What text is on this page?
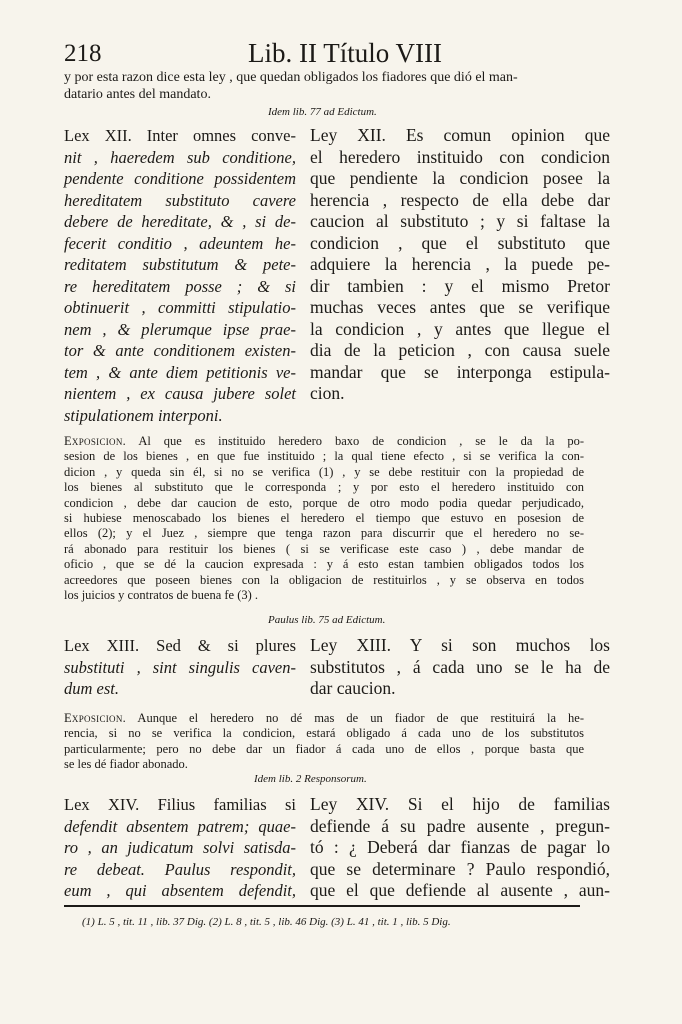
218	Lib. II Título VIII
y por esta razon dice esta ley , que quedan obligados los fiadores que dió el man-
datario antes del mandato.
Idem lib. 77 ad Edictum.
Lex XII. Inter omnes conve-
nit , haeredem sub conditione,
pendente conditione possidentem
hereditatem substituto cavere
debere de hereditate, & , si de-
fecerit conditio , adeuntem he-
reditatem substitutum & pete-
re hereditatem posse ; & si
obtinuerit , committi stipulatio-
nem , & plerumque ipse prae-
tor & ante conditionem existen-
tem , & ante diem petitionis ve-
nientem , ex causa jubere solet
stipulationem interponi.
Ley XII. Es comun opinion que
el heredero instituido con condicion
que pendiente la condicion posee la
herencia , respecto de ella debe dar
caucion al substituto ; y si faltase la
condicion , que el substituto que
adquiere la herencia , la puede pe-
dir tambien : y el mismo Pretor
muchas veces antes que se verifique
la condicion , y antes que llegue el
dia de la peticion , con causa suele
mandar que se interponga estipula-
cion.
Exposicion. Al que es instituido heredero baxo de condicion , se le da la po-
sesion de los bienes , en que fue instituido ; la qual tiene efecto , si se verifica la con-
dicion , y queda sin él, si no se verifica (1) , y se debe restituir con la propiedad de
los bienes al substituto que le corresponda ; y por esto el heredero instituido con
condicion , debe dar caucion de esto, porque de otro modo podia quedar perjudicado,
si hubiese menoscabado los bienes el heredero el tiempo que estuvo en posesion de
ellos (2); y el Juez , siempre que tenga razon para discurrir que el heredero no se-
rá abonado para restituir los bienes ( si se verificase este caso ) , debe mandar de
oficio , que se dé la caucion expresada : y á esto estan tambien obligados todos los
acreedores que poseen bienes con la obligacion de restituirlos , y se observa en todos
los juicios y contratos de buena fe (3) .
Paulus lib. 75 ad Edictum.
Lex XIII. Sed & si plures
substituti , sint singulis caven-
dum est.
Ley XIII. Y si son muchos los
substitutos , á cada uno se le ha de
dar caucion.
Exposicion. Aunque el heredero no dé mas de un fiador de que restituirá la he-
rencia, si no se verifica la condicion, estará obligado á cada uno de los substitutos
particularmente; pero no debe dar un fiador á cada uno de ellos , porque basta que
se les dé fiador abonado.
Idem lib. 2 Responsorum.
Lex XIV. Filius familias si
defendit absentem patrem; quae-
ro , an judicatum solvi satisda-
re debeat. Paulus respondit,
eum , qui absentem defendit,
Ley XIV. Si el hijo de familias
defiende á su padre ausente , pregun-
tó : ¿ Deberá dar fianzas de pagar lo
que se determinare ? Paulo respondió,
que el que defiende al ausente , aun-
(1) L. 5 , tit. 11 , lib. 37 Dig. (2) L. 8 , tit. 5 , lib. 46 Dig. (3) L. 41 , tit. 1 , lib. 5 Dig.
